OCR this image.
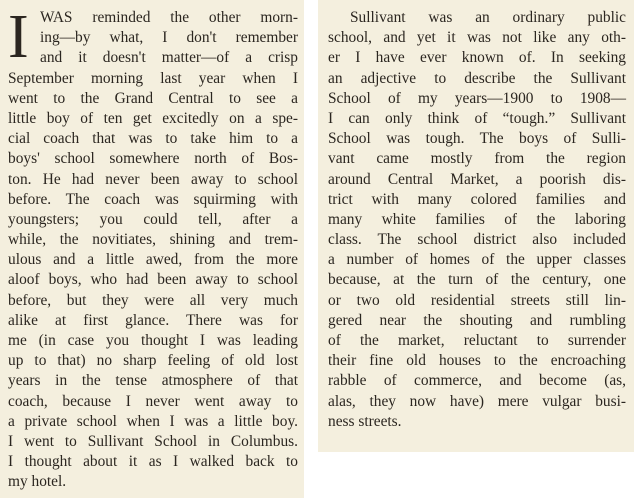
I WAS reminded the other morn-
ing—by what, I don't remember
and it doesn't matter—of a crisp
September morning last year when I
went to the Grand Central to see a
little boy of ten get excitedly on a spe-
cial coach that was to take him to a
boys' school somewhere north of Bos-
ton. He had never been away to school
before. The coach was squirming with
youngsters; you could tell, after a
while, the novitiates, shining and trem-
ulous and a little awed, from the more
aloof boys, who had been away to school
before, but they were all very much
alike at first glance. There was for
me (in case you thought I was leading
up to that) no sharp feeling of old lost
years in the tense atmosphere of that
coach, because I never went away to
a private school when I was a little boy.
I went to Sullivant School in Columbus.
I thought about it as I walked back to
my hotel.
Sullivant was an ordinary public
school, and yet it was not like any oth-
er I have ever known of. In seeking
an adjective to describe the Sullivant
School of my years—1900 to 1908—
I can only think of “tough.” Sullivant
School was tough. The boys of Sulli-
vant came mostly from the region
around Central Market, a poorish dis-
trict with many colored families and
many white families of the laboring
class. The school district also included
a number of homes of the upper classes
because, at the turn of the century, one
or two old residential streets still lin-
gered near the shouting and rumbling
of the market, reluctant to surrender
their fine old houses to the encroaching
rabble of commerce, and become (as,
alas, they now have) mere vulgar busi-
ness streets.
